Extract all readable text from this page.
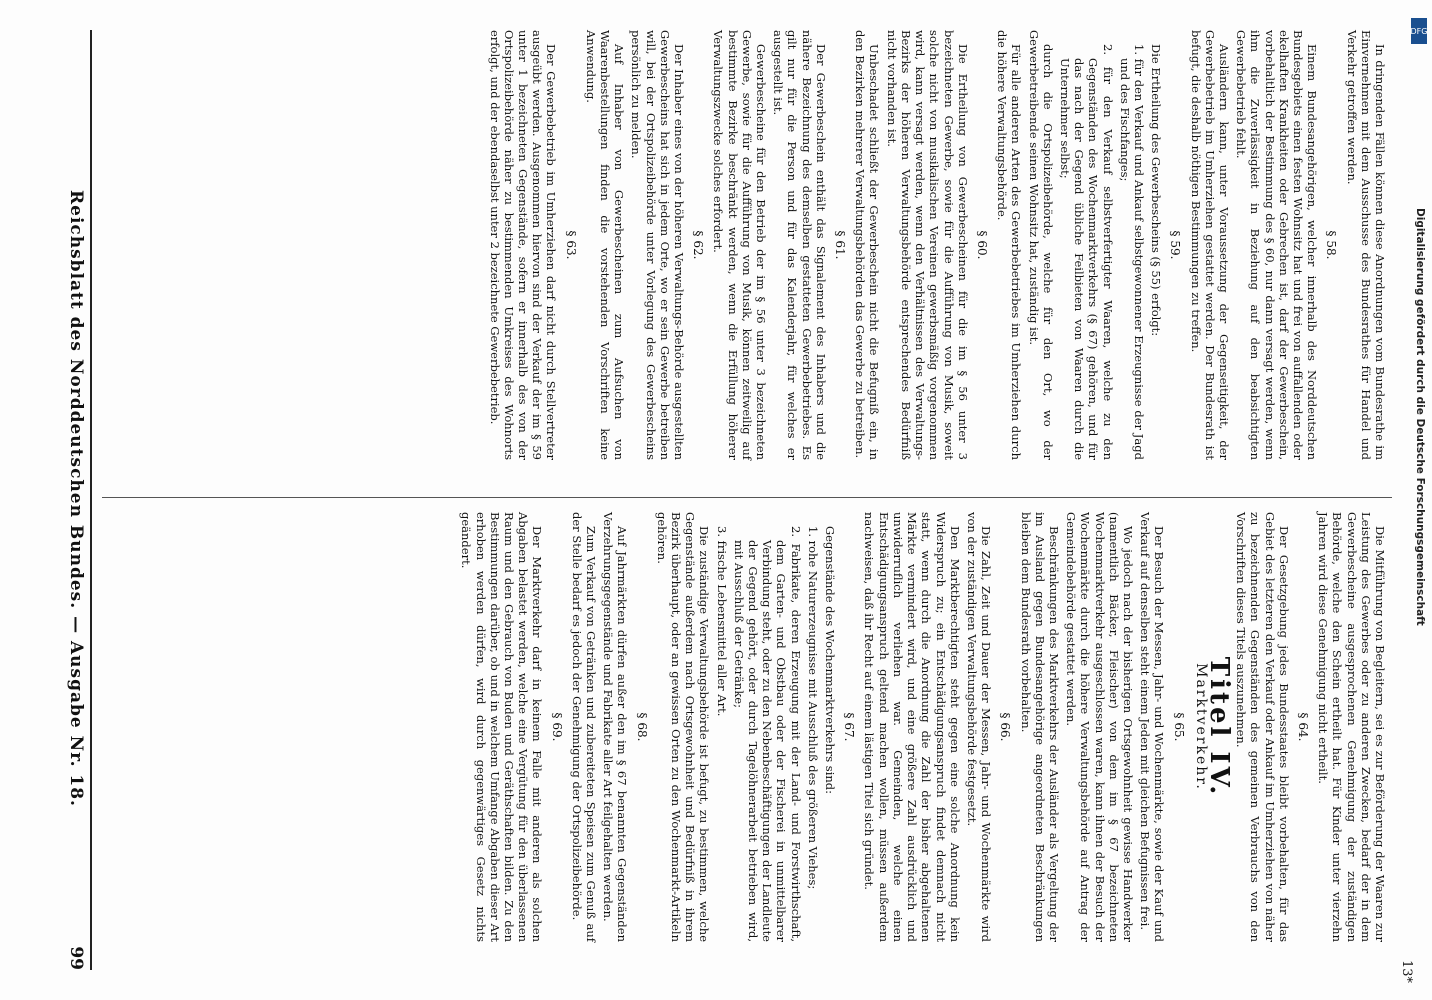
Reichsblatt des Norddeutschen Bundes. — Ausgabe Nr. 18.
99

In dringenden Fällen können diese Anordnungen vom Bundesrathe im Einvernehmen mit dem Ausschusse des Bundesrathes für Handel und Verkehr getroffen werden.

§ 58.

Einem Bundesangehörigen, welcher innerhalb des Norddeutschen Bundesgebiets einen festen Wohnsitz hat und frei von auffallenden oder ekelhaften Krankheiten oder Gebrechen ist, darf der Gewerbeschein, vorbehaltlich der Bestimmung des § 60, nur dann versagt werden, wenn ihm die Zuverlässigkeit in Beziehung auf den beabsichtigten Gewerbebetrieb fehlt.

Ausländern kann, unter Voraussetzung der Gegenseitigkeit, der Gewerbebetrieb im Umherziehen gestattet werden. Der Bundesrath ist befugt, die deshalb nöthigen Bestimmungen zu treffen.

§ 59.

Die Ertheilung des Gewerbescheins (§ 55) erfolgt:

1. für den Verkauf und Ankauf selbstgewonnener Erzeugnisse der Jagd und des Fischfanges;

2. für den Verkauf selbstverfertigter Waaren, welche zu den Gegenständen des Wochenmarktverkehrs (§ 67) gehören, und für das nach der Gegend übliche Feilbieten von Waaren durch die Unternehmer selbst;

durch die Ortspolizeibehörde, welche für den Ort, wo der Gewerbetreibende seinen Wohnsitz hat, zuständig ist.

Für alle anderen Arten des Gewerbebetriebes im Umherziehen durch die höhere Verwaltungsbehörde.

§ 60.

Die Ertheilung von Gewerbescheinen für die im § 56 unter 3 bezeichneten Gewerbe, sowie für die Aufführung von Musik, soweit solche nicht von musikalischen Vereinen gewerbsmäßig vorgenommen wird, kann versagt werden, wenn den Verhältnissen des Verwaltungs-Bezirks der höheren Verwaltungsbehörde entsprechendes Bedürfniß nicht vorhanden ist.

Unbeschadet schließt der Gewerbeschein nicht die Befugniß ein, in den Bezirken mehrerer Verwaltungsbehörden das Gewerbe zu betreiben.

§ 61.

Der Gewerbeschein enthält das Signalement des Inhabers und die nähere Bezeichnung des demselben gestatteten Gewerbebetriebes. Es gilt nur für die Person und für das Kalenderjahr, für welches er ausgestellt ist.

Gewerbescheine für den Betrieb der im § 56 unter 3 bezeichneten Gewerbe, sowie für die Aufführung von Musik, können zeitweilig auf bestimmte Bezirke beschränkt werden, wenn die Erfüllung höherer Verwaltungszwecke solches erfordert.

§ 62.

Der Inhaber eines von der höheren Verwaltungs-Behörde ausgestellten Gewerbescheins hat sich in jedem Orte, wo er sein Gewerbe betreiben will, bei der Ortspolizeibehörde unter Vorlegung des Gewerbescheins persönlich zu melden.

Auf Inhaber von Gewerbescheinen zum Aufsuchen von Waarenbestellungen finden die vorstehenden Vorschriften keine Anwendung.

§ 63.

Der Gewerbebetrieb im Umherziehen darf nicht durch Stellvertreter ausgeübt werden. Ausgenommen hiervon sind der Verkauf der im § 59 unter 1 bezeichneten Gegenstände, sofern er innerhalb des von der Ortspolizeibehörde näher zu bestimmenden Umkreises des Wohnorts erfolgt, und der ebendaselbst unter 2 bezeichnete Gewerbebetrieb.

Die Mitführung von Begleitern, sei es zur Beförderung der Waaren zur Leistung des Gewerbes oder zu anderen Zwecken, bedarf der in dem Gewerbescheine ausgesprochenen Genehmigung der zuständigen Behörde, welche den Schein ertheilt hat. Für Kinder unter vierzehn Jahren wird diese Genehmigung nicht ertheilt.

§ 64.

Der Gesetzgebung jedes Bundesstaates bleibt vorbehalten, für das Gebiet des letzteren den Verkauf oder Ankauf im Umherziehen von näher zu bezeichnenden Gegenständen des gemeinen Verbrauchs von den Vorschriften dieses Titels auszunehmen.

Titel IV.

Marktverkehr.

§ 65.

Der Besuch der Messen, Jahr- und Wochenmärkte, sowie der Kauf und Verkauf auf denselben steht einem Jeden mit gleichen Befugnissen frei.

Wo jedoch nach der bisherigen Ortsgewohnheit gewisse Handwerker (namentlich Bäcker, Fleischer) von dem im § 67 bezeichneten Wochenmarktverkehr ausgeschlossen waren, kann ihnen der Besuch der Wochenmärkte durch die höhere Verwaltungsbehörde auf Antrag der Gemeindebehörde gestattet werden.

Beschränkungen des Marktverkehrs der Ausländer als Vergeltung der im Ausland gegen Bundesangehörige angeordneten Beschränkungen bleiben dem Bundesrath vorbehalten.

§ 66.

Die Zahl, Zeit und Dauer der Messen, Jahr- und Wochenmärkte wird von der zuständigen Verwaltungsbehörde festgesetzt.

Den Marktberechtigten steht gegen eine solche Anordnung kein Widerspruch zu; ein Entschädigungsanspruch findet demnach nicht statt, wenn durch die Anordnung die Zahl der bisher abgehaltenen Märkte vermindert wird, und eine größere Zahl ausdrücklich und unwiderruflich verliehen war. Gemeinden, welche einen Entschädigungsanspruch geltend machen wollen, müssen außerdem nachweisen, daß ihr Recht auf einem lästigen Titel sich gründet.

§ 67.

Gegenstände des Wochenmarktverkehrs sind:

1. rohe Naturerzeugnisse mit Ausschluß des größeren Viehes;

2. Fabrikate, deren Erzeugung mit der Land- und Forstwirthschaft, dem Garten- und Obstbau oder der Fischerei in unmittelbarer Verbindung steht, oder zu den Nebenbeschäftigungen der Landleute der Gegend gehört, oder durch Tagelöhnerarbeit betrieben wird, mit Ausschluß der Getränke;

3. frische Lebensmittel aller Art.

Die zuständige Verwaltungsbehörde ist befugt, zu bestimmen, welche Gegenstände außerdem nach Ortsgewohnheit und Bedürfniß in ihrem Bezirk überhaupt, oder an gewissen Orten zu den Wochenmarkt-Artikeln gehören.

§ 68.

Auf Jahrmärkten dürfen außer den im § 67 benannten Gegenständen Verzehrungsgegenstände und Fabrikate aller Art feilgehalten werden.

Zum Verkauf von Getränken und zubereiteten Speisen zum Genuß auf der Stelle bedarf es jedoch der Genehmigung der Ortspolizeibehörde.

§ 69.

Der Marktverkehr darf in keinem Falle mit anderen als solchen Abgaben belastet werden, welche eine Vergütung für den überlassenen Raum und den Gebrauch von Buden und Geräthschaften bilden. Zu den Bestimmungen darüber, ob und in welchem Umfange Abgaben dieser Art erhoben werden dürfen, wird durch gegenwärtiges Gesetz nichts geändert.

13*
DFG
Digitalisierung gefördert durch die Deutsche Forschungsgemeinschaft
